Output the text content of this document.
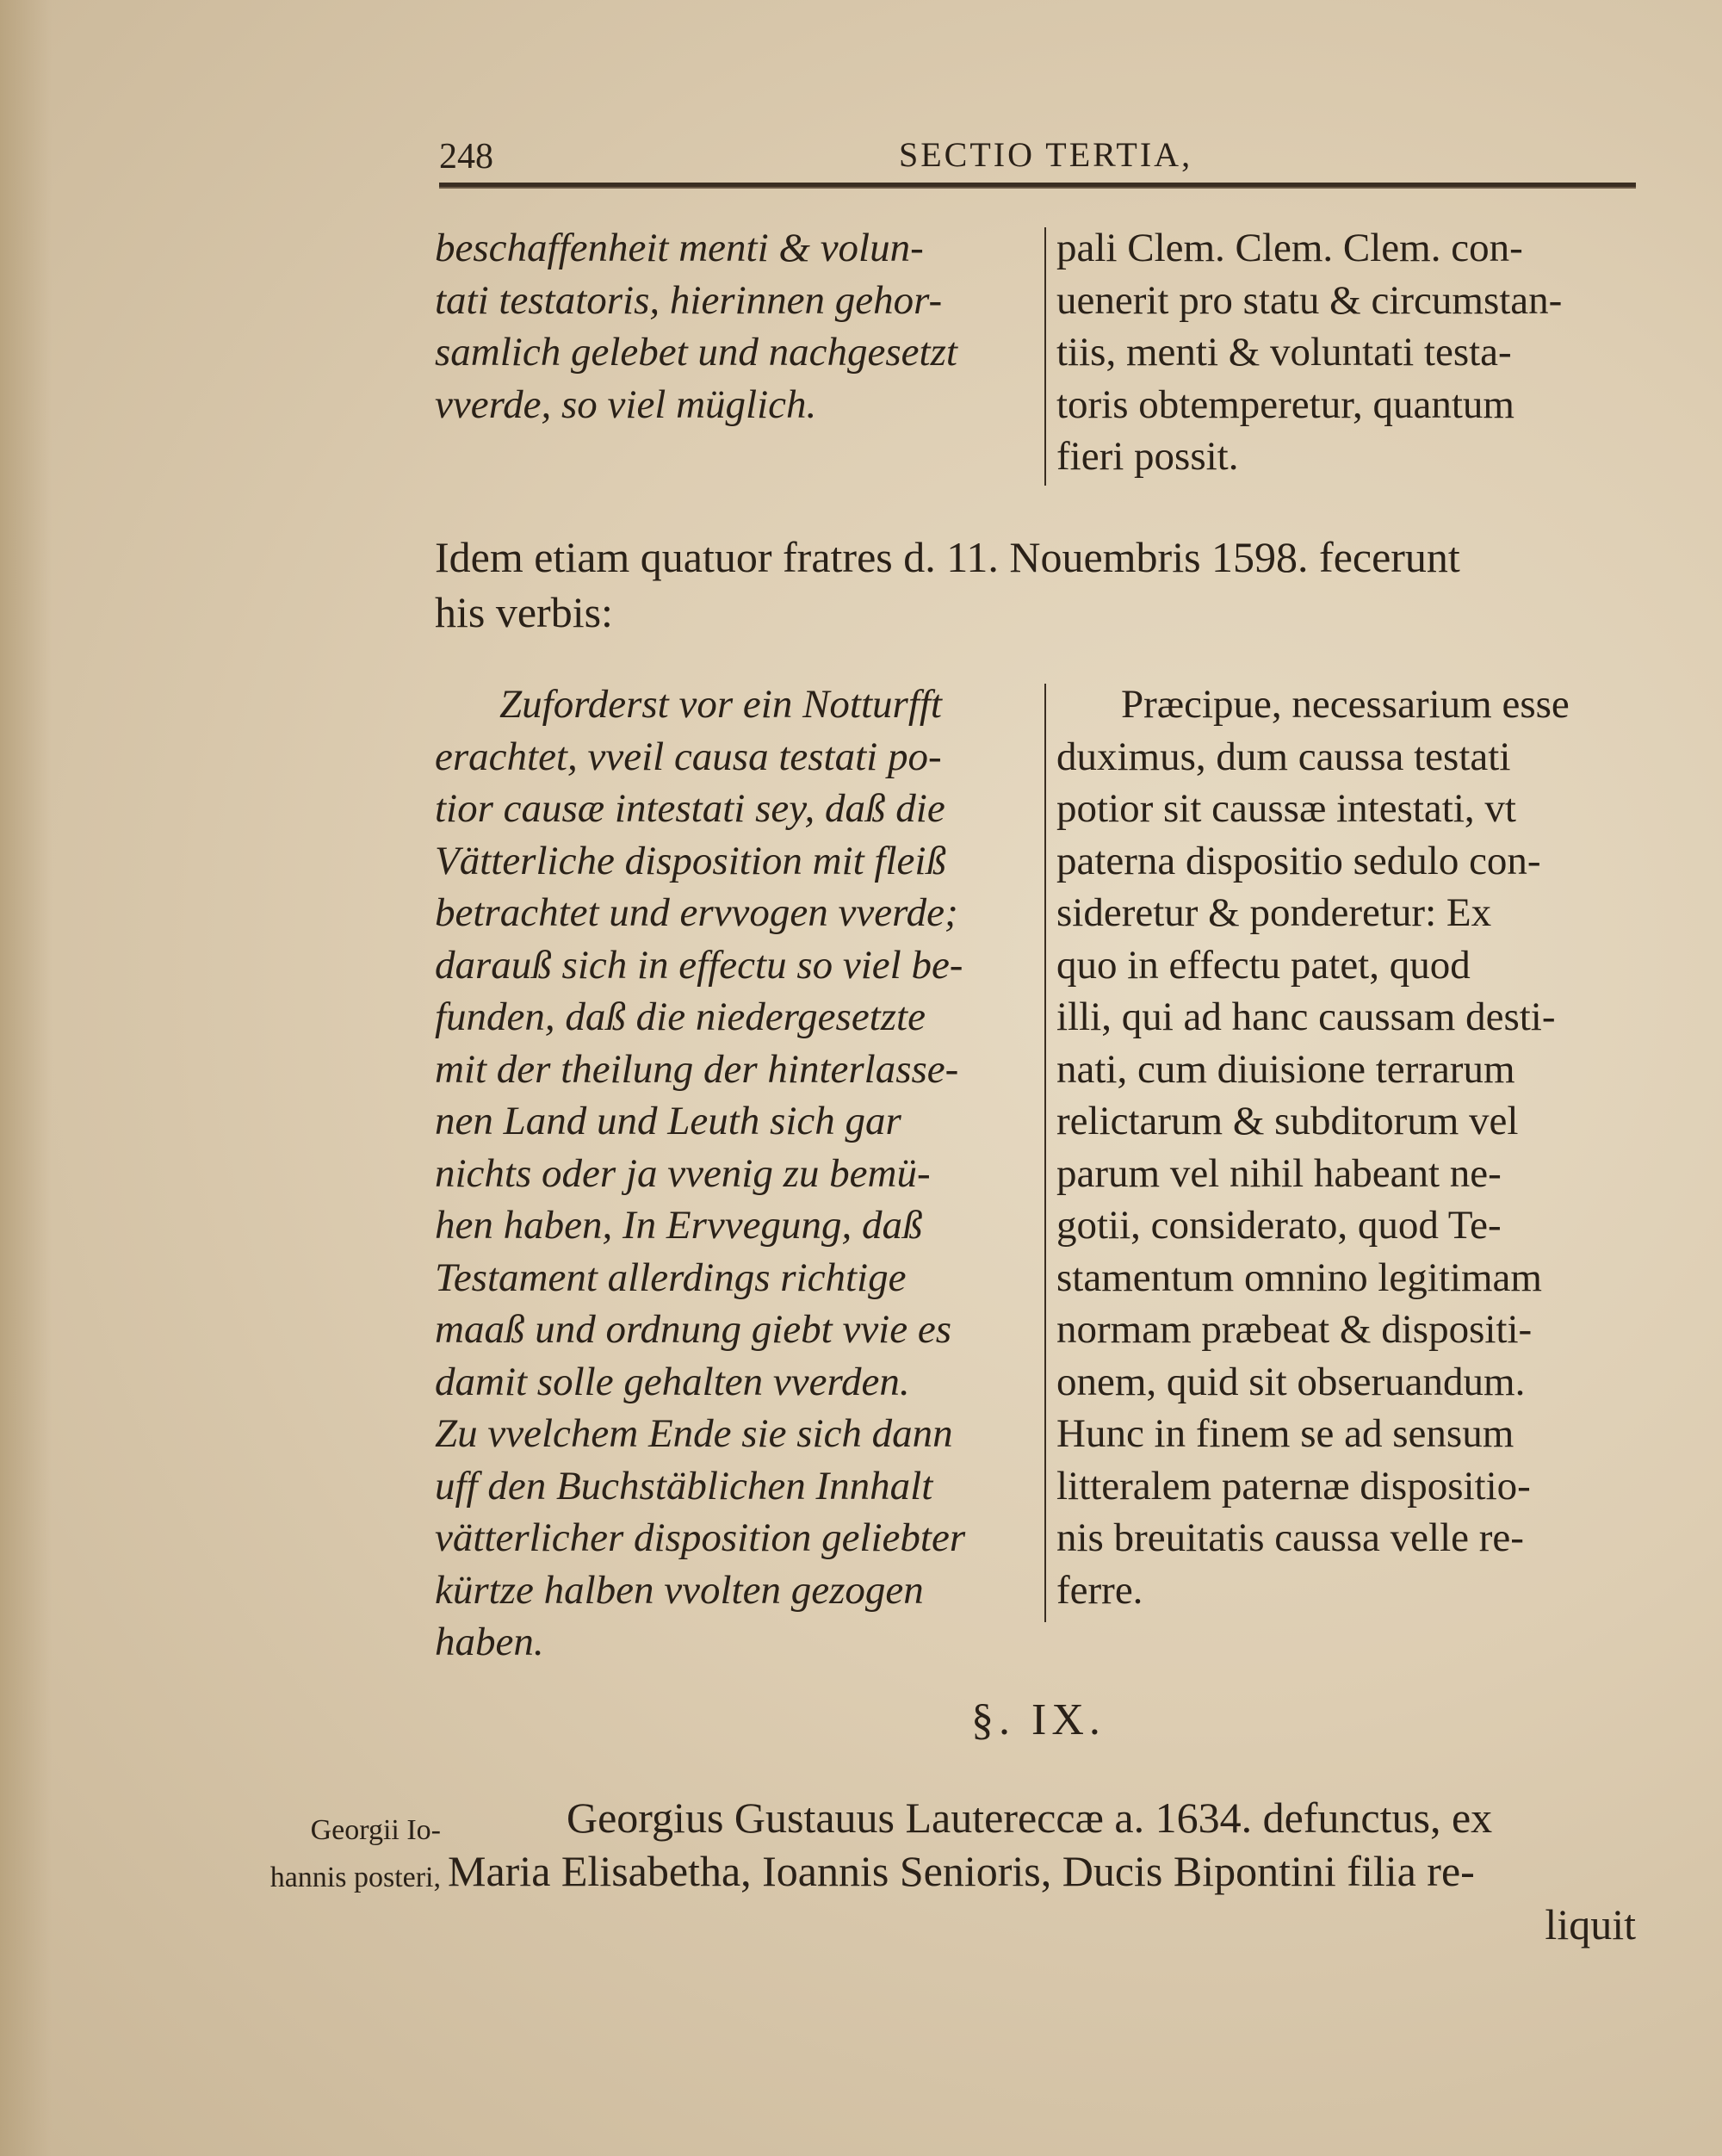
248	SECTIO TERTIA,
beschaffenheit menti & volun-
tati testatoris, hierinnen gehor-
samlich gelebet und nachgesetzt
vverde, so viel müglich.
pali Clem. Clem. Clem. con-
uenerit pro statu & circumstan-
tiis, menti & voluntati testa-
toris obtemperetur, quantum
fieri possit.
Idem etiam quatuor fratres d. 11. Nouembris 1598. fecerunt
his verbis:
Zuforderst vor ein Notturfft
erachtet, vveil causa testati po-
tior causæ intestati sey, daß die
Vätterliche disposition mit fleiß
betrachtet und ervvogen vverde;
darauß sich in effectu so viel be-
funden, daß die niedergesetzte
mit der theilung der hinterlasse-
nen Land und Leuth sich gar
nichts oder ja vvenig zu bemü-
hen haben, In Ervvegung, daß
Testament allerdings richtige
maaß und ordnung giebt vvie es
damit solle gehalten vverden.
Zu vvelchem Ende sie sich dann
uff den Buchstäblichen Innhalt
vätterlicher disposition geliebter
kürtze halben vvolten gezogen
haben.
Præcipue, necessarium esse
duximus, dum caussa testati
potior sit caussæ intestati, vt
paterna dispositio sedulo con-
sideretur & ponderetur: Ex
quo in effectu patet, quod
illi, qui ad hanc caussam desti-
nati, cum diuisione terrarum
relictarum & subditorum vel
parum vel nihil habeant ne-
gotii, considerato, quod Te-
stamentum omnino legitimam
normam præbeat & dispositi-
onem, quid sit obseruandum.
Hunc in finem se ad sensum
litteralem paternæ dispositio-
nis breuitatis caussa velle re-
ferre.
§. IX.
Georgii Io-
hannis posteri,
Georgius Gustauus Lautereccæ a. 1634. defunctus, ex
Maria Elisabetha, Ioannis Senioris, Ducis Bipontini filia re-
liquit
